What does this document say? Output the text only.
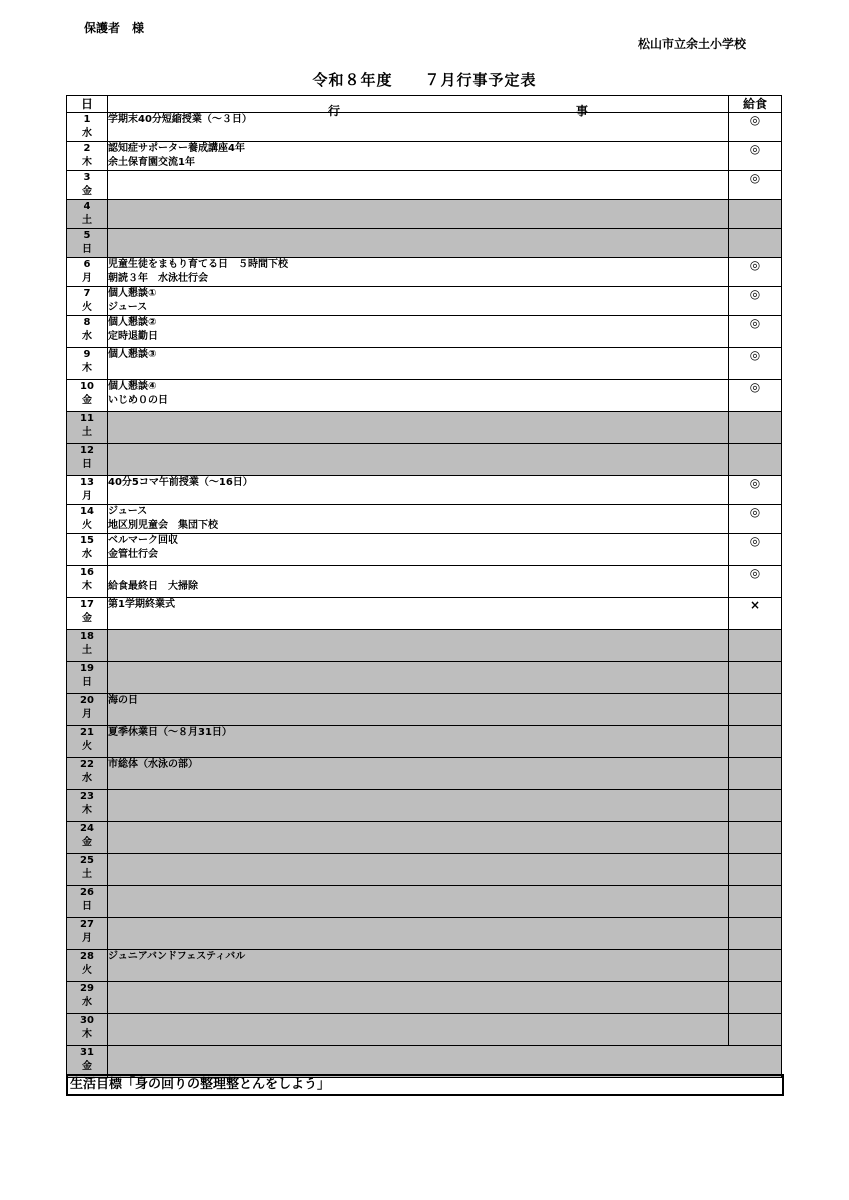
保護者　様
松山市立余土小学校
令和８年度　　７月行事予定表
日	行 事	給食

1
水	学期末40分短縮授業（～３日）	◎

2
木	認知症サポーター養成講座4年
余土保育園交流1年	◎

3
金		◎

4
土		

5
日		

6
月	児童生徒をまもり育てる日　５時間下校
朝読３年　水泳壮行会	◎

7
火	個人懇談①
ジュース	◎

8
水	個人懇談②
定時退勤日	◎

9
木	個人懇談③	◎

10
金	個人懇談④
いじめ０の日	◎

11
土		

12
日		

13
月	40分5コマ午前授業（～16日）	◎

14
火	ジュース
地区別児童会　集団下校	◎

15
水	ベルマーク回収
金管壮行会	◎

16
木	給食最終日　大掃除	◎

17
金	第1学期終業式	×

18
土		

19
日		

20
月	海の日	

21
火	夏季休業日（～８月31日）	

22
水	市総体（水泳の部）	

23
木		

24
金		

25
土		

26
日		

27
月		

28
火	ジュニアバンドフェスティバル	

29
水		

30
木		

31
金		

生活目標「身の回りの整理整とんをしよう」
